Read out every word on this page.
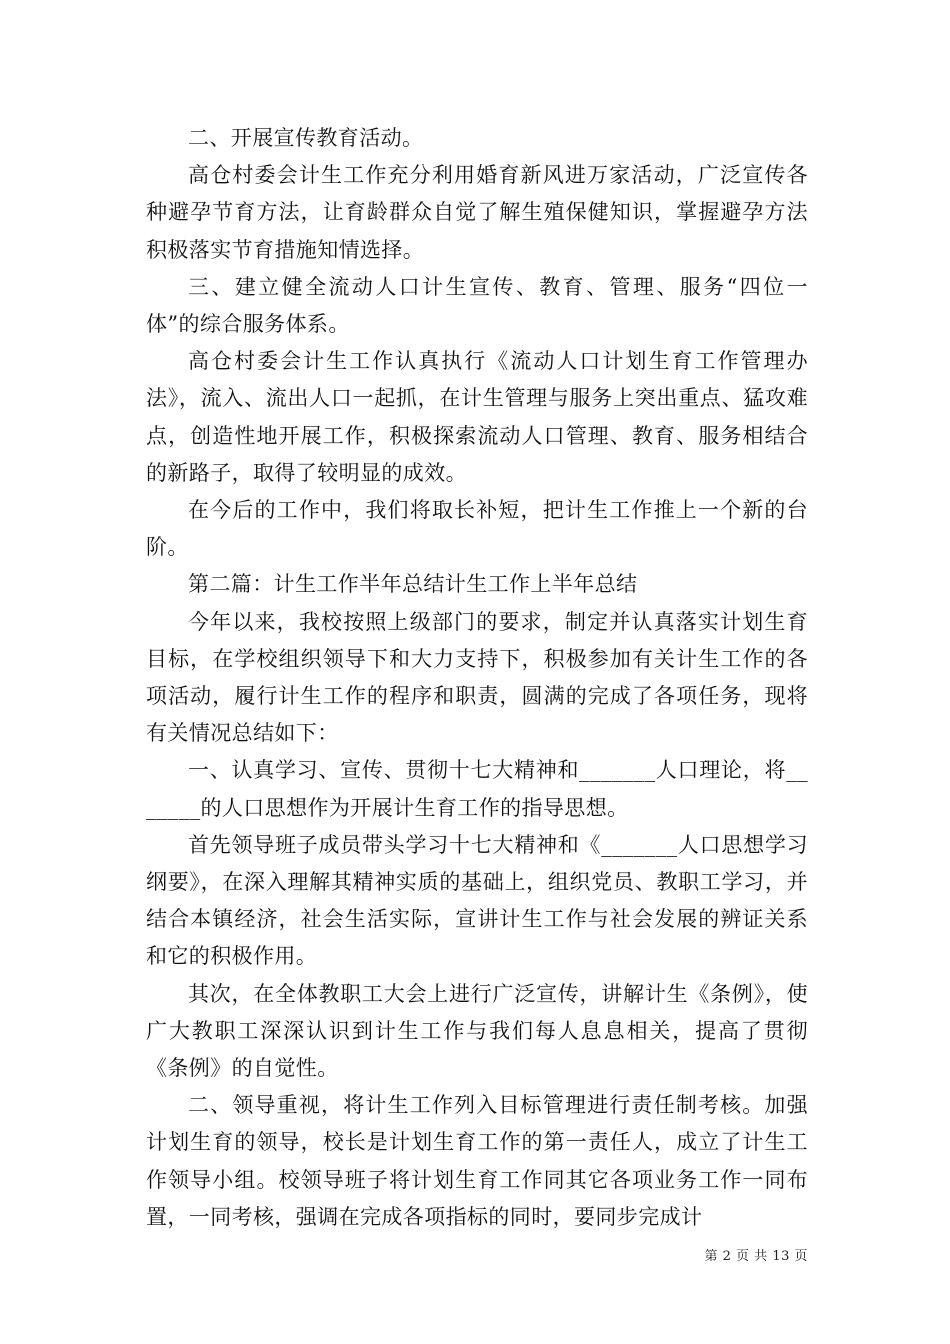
二、开展宣传教育活动。

高仓村委会计生工作充分利用婚育新风进万家活动，广泛宣传各种避孕节育方法，让育龄群众自觉了解生殖保健知识，掌握避孕方法积极落实节育措施知情选择。

三、建立健全流动人口计生宣传、教育、管理、服务“四位一体”的综合服务体系。

高仓村委会计生工作认真执行《流动人口计划生育工作管理办法》，流入、流出人口一起抓，在计生管理与服务上突出重点、猛攻难点，创造性地开展工作，积极探索流动人口管理、教育、服务相结合的新路子，取得了较明显的成效。

在今后的工作中，我们将取长补短，把计生工作推上一个新的台阶。

第二篇：计生工作半年总结计生工作上半年总结

今年以来，我校按照上级部门的要求，制定并认真落实计划生育目标，在学校组织领导下和大力支持下，积极参加有关计生工作的各项活动，履行计生工作的程序和职责，圆满的完成了各项任务，现将有关情况总结如下：

一、认真学习、宣传、贯彻十七大精神和_______人口理论，将_______的人口思想作为开展计生育工作的指导思想。

首先领导班子成员带头学习十七大精神和《_______人口思想学习纲要》，在深入理解其精神实质的基础上，组织党员、教职工学习，并结合本镇经济，社会生活实际，宣讲计生工作与社会发展的辨证关系和它的积极作用。

其次，在全体教职工大会上进行广泛宣传，讲解计生《条例》，使广大教职工深深认识到计生工作与我们每人息息相关，提高了贯彻《条例》的自觉性。

二、领导重视，将计生工作列入目标管理进行责任制考核。加强计划生育的领导，校长是计划生育工作的第一责任人，成立了计生工作领导小组。校领导班子将计划生育工作同其它各项业务工作一同布置，一同考核，强调在完成各项指标的同时，要同步完成计

第 2 页 共 13 页
